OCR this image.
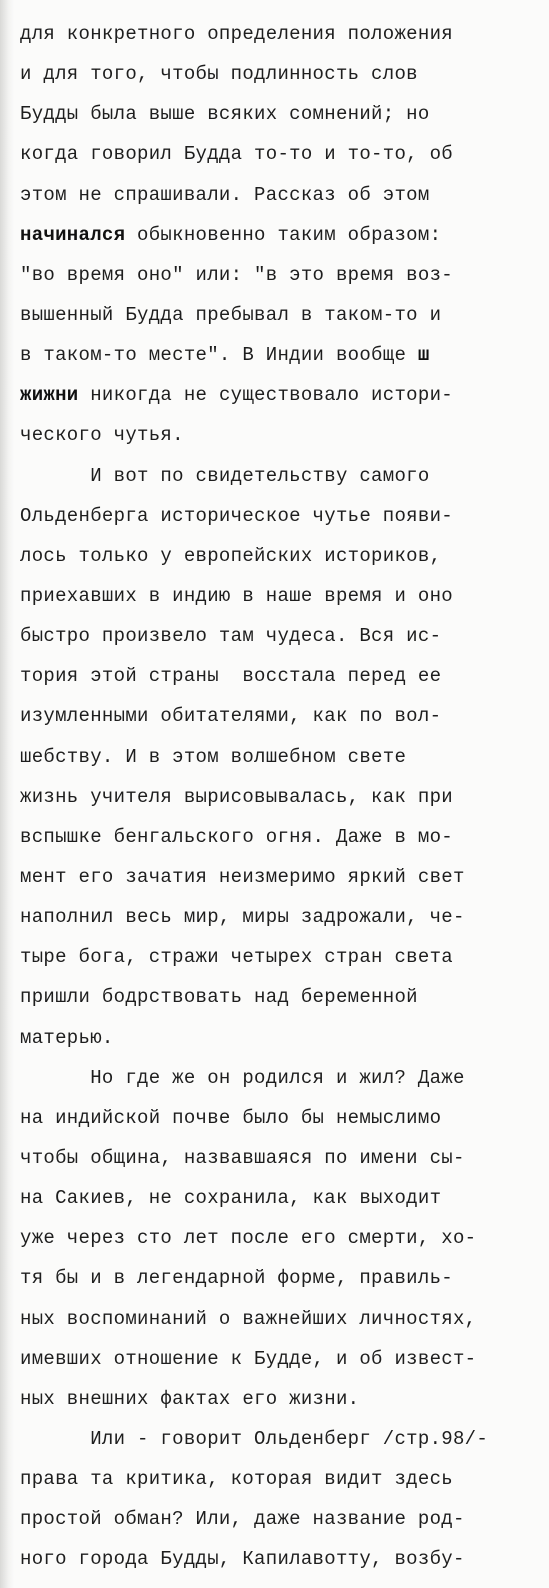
для конкретного определения положения
и для того, чтобы подлинность слов
Будды была выше всяких сомнений; но
когда говорил Будда то-то и то-то, об
этом не спрашивали. Рассказ об этом
начинался обыкновенно таким образом:
"во время оно" или: "в это время воз-
вышенный Будда пребывал в таком-то и
в таком-то месте". В Индии вообще ш
жижни никогда не существовало истори-
ческого чутья.
И вот по свидетельству самого
Ольденберга историческое чутье появи-
лось только у европейских историков,
приехавших в индию в наше время и оно
быстро произвело там чудеса. Вся ис-
тория этой страны  восстала перед ее
изумленными обитателями, как по вол-
шебству. И в этом волшебном свете
жизнь учителя вырисовывалась, как при
вспышке бенгальского огня. Даже в мо-
мент его зачатия неизмеримо яркий свет
наполнил весь мир, миры задрожали, че-
тыре бога, стражи четырех стран света
пришли бодрствовать над беременной
матерью.
Но где же он родился и жил? Даже
на индийской почве было бы немыслимо
чтобы община, назвавшаяся по имени сы-
на Сакиев, не сохранила, как выходит
уже через сто лет после его смерти, хо-
тя бы и в легендарной форме, правиль-
ных воспоминаний о важнейших личностях,
имевших отношение к Будде, и об извест-
ных внешних фактах его жизни.
Или - говорит Ольденберг /стр.98/-
права та критика, которая видит здесь
простой обман? Или, даже название род-
ного города Будды, Капилавотту, возбу-
